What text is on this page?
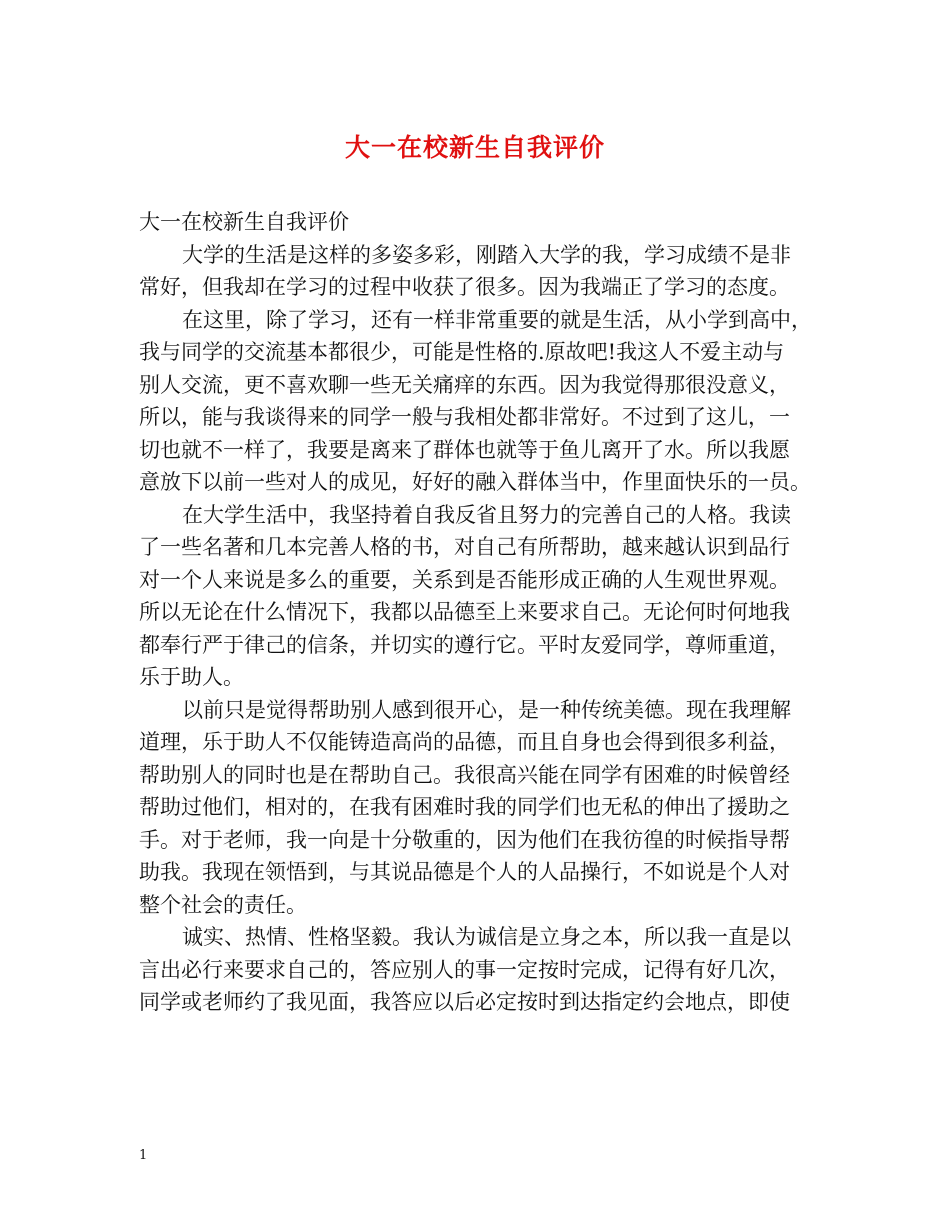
大一在校新生自我评价

大一在校新生自我评价

大学的生活是这样的多姿多彩，刚踏入大学的我，学习成绩不是非
常好，但我却在学习的过程中收获了很多。因为我端正了学习的态度。

在这里，除了学习，还有一样非常重要的就是生活，从小学到高中，
我与同学的交流基本都很少，可能是性格的.原故吧!我这人不爱主动与
别人交流，更不喜欢聊一些无关痛痒的东西。因为我觉得那很没意义，
所以，能与我谈得来的同学一般与我相处都非常好。不过到了这儿，一
切也就不一样了，我要是离来了群体也就等于鱼儿离开了水。所以我愿
意放下以前一些对人的成见，好好的融入群体当中，作里面快乐的一员。

在大学生活中，我坚持着自我反省且努力的完善自己的人格。我读
了一些名著和几本完善人格的书，对自己有所帮助，越来越认识到品行
对一个人来说是多么的重要，关系到是否能形成正确的人生观世界观。
所以无论在什么情况下，我都以品德至上来要求自己。无论何时何地我
都奉行严于律己的信条，并切实的遵行它。平时友爱同学，尊师重道，
乐于助人。

以前只是觉得帮助别人感到很开心，是一种传统美德。现在我理解
道理，乐于助人不仅能铸造高尚的品德，而且自身也会得到很多利益，
帮助别人的同时也是在帮助自己。我很高兴能在同学有困难的时候曾经
帮助过他们，相对的，在我有困难时我的同学们也无私的伸出了援助之
手。对于老师，我一向是十分敬重的，因为他们在我彷徨的时候指导帮
助我。我现在领悟到，与其说品德是个人的人品操行，不如说是个人对
整个社会的责任。

诚实、热情、性格坚毅。我认为诚信是立身之本，所以我一直是以
言出必行来要求自己的，答应别人的事一定按时完成，记得有好几次，
同学或老师约了我见面，我答应以后必定按时到达指定约会地点，即使

1
